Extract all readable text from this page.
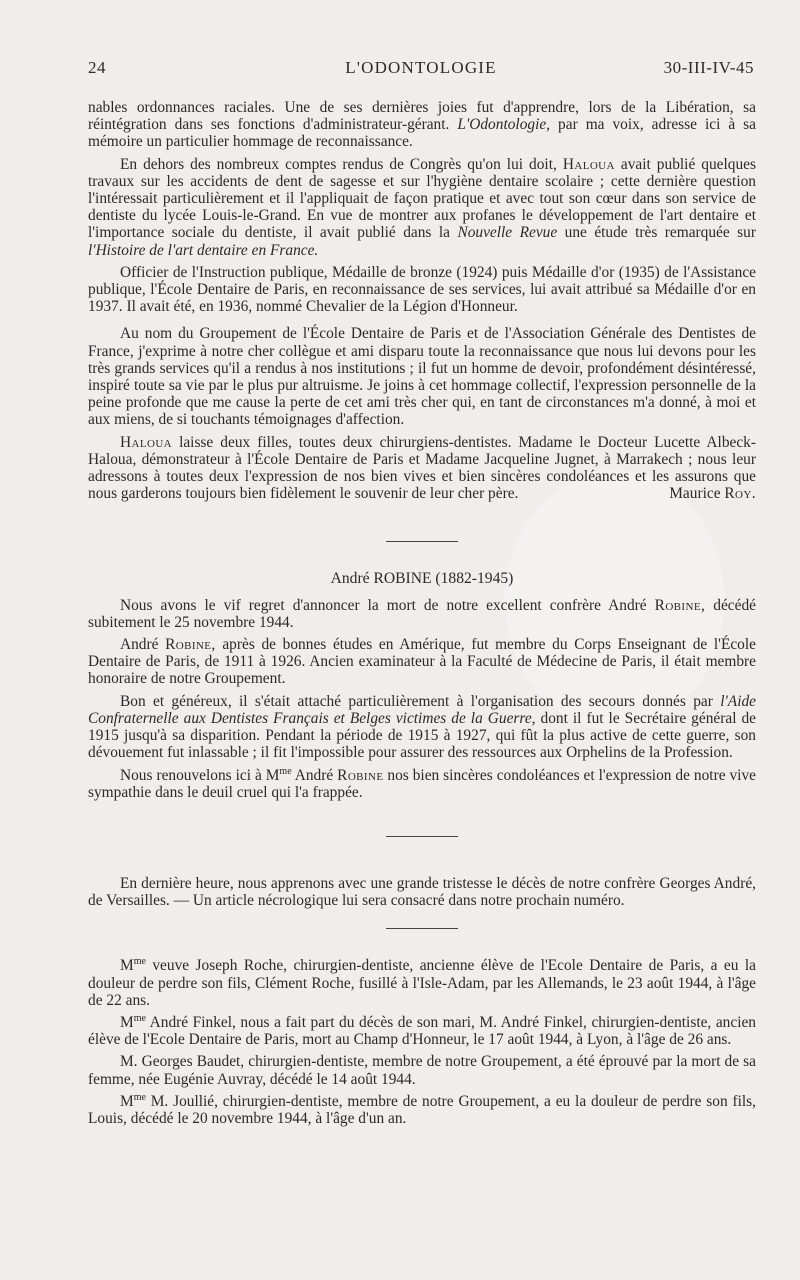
24	L'ODONTOLOGIE	30-III-IV-45

nables ordonnances raciales. Une de ses dernières joies fut d'apprendre, lors de la Libération, sa réintégration dans ses fonctions d'administrateur-gérant. L'Odontologie, par ma voix, adresse ici à sa mémoire un particulier hommage de reconnaissance.

En dehors des nombreux comptes rendus de Congrès qu'on lui doit, Haloua avait publié quelques travaux sur les accidents de dent de sagesse et sur l'hygiène dentaire scolaire ; cette dernière question l'intéressait particulièrement et il l'appliquait de façon pratique et avec tout son cœur dans son service de dentiste du lycée Louis-le-Grand. En vue de montrer aux profanes le développement de l'art dentaire et l'importance sociale du dentiste, il avait publié dans la Nouvelle Revue une étude très remarquée sur l'Histoire de l'art dentaire en France.

Officier de l'Instruction publique, Médaille de bronze (1924) puis Médaille d'or (1935) de l'Assistance publique, l'École Dentaire de Paris, en reconnaissance de ses services, lui avait attribué sa Médaille d'or en 1937. Il avait été, en 1936, nommé Chevalier de la Légion d'Honneur.

Au nom du Groupement de l'École Dentaire de Paris et de l'Association Générale des Dentistes de France, j'exprime à notre cher collègue et ami disparu toute la reconnaissance que nous lui devons pour les très grands services qu'il a rendus à nos institutions ; il fut un homme de devoir, profondément désintéressé, inspiré toute sa vie par le plus pur altruisme. Je joins à cet hommage collectif, l'expression personnelle de la peine profonde que me cause la perte de cet ami très cher qui, en tant de circonstances m'a donné, à moi et aux miens, de si touchants témoignages d'affection.

Haloua laisse deux filles, toutes deux chirurgiens-dentistes. Madame le Docteur Lucette Albeck-Haloua, démonstrateur à l'École Dentaire de Paris et Madame Jacqueline Jugnet, à Marrakech ; nous leur adressons à toutes deux l'expression de nos bien vives et bien sincères condoléances et les assurons que nous garderons toujours bien fidèlement le souvenir de leur cher père.	Maurice Roy.

André ROBINE (1882-1945)

Nous avons le vif regret d'annoncer la mort de notre excellent confrère André Robine, décédé subitement le 25 novembre 1944.

André Robine, après de bonnes études en Amérique, fut membre du Corps Enseignant de l'École Dentaire de Paris, de 1911 à 1926. Ancien examinateur à la Faculté de Médecine de Paris, il était membre honoraire de notre Groupement.

Bon et généreux, il s'était attaché particulièrement à l'organisation des secours donnés par l'Aide Confraternelle aux Dentistes Français et Belges victimes de la Guerre, dont il fut le Secrétaire général de 1915 jusqu'à sa disparition. Pendant la période de 1915 à 1927, qui fût la plus active de cette guerre, son dévouement fut inlassable ; il fit l'impossible pour assurer des ressources aux Orphelins de la Profession.

Nous renouvelons ici à $M^{me}$ André Robine nos bien sincères condoléances et l'expression de notre vive sympathie dans le deuil cruel qui l'a frappée.

En dernière heure, nous apprenons avec une grande tristesse le décès de notre confrère Georges André, de Versailles. — Un article nécrologique lui sera consacré dans notre prochain numéro.

$M^{me}$ veuve Joseph Roche, chirurgien-dentiste, ancienne élève de l'Ecole Dentaire de Paris, a eu la douleur de perdre son fils, Clément Roche, fusillé à l'Isle-Adam, par les Allemands, le 23 août 1944, à l'âge de 22 ans.

$M^{me}$ André Finkel, nous a fait part du décès de son mari, M. André Finkel, chirurgien-dentiste, ancien élève de l'Ecole Dentaire de Paris, mort au Champ d'Honneur, le 17 août 1944, à Lyon, à l'âge de 26 ans.

M. Georges Baudet, chirurgien-dentiste, membre de notre Groupement, a été éprouvé par la mort de sa femme, née Eugénie Auvray, décédé le 14 août 1944.

$M^{me}$ M. Joullié, chirurgien-dentiste, membre de notre Groupement, a eu la douleur de perdre son fils, Louis, décédé le 20 novembre 1944, à l'âge d'un an.
